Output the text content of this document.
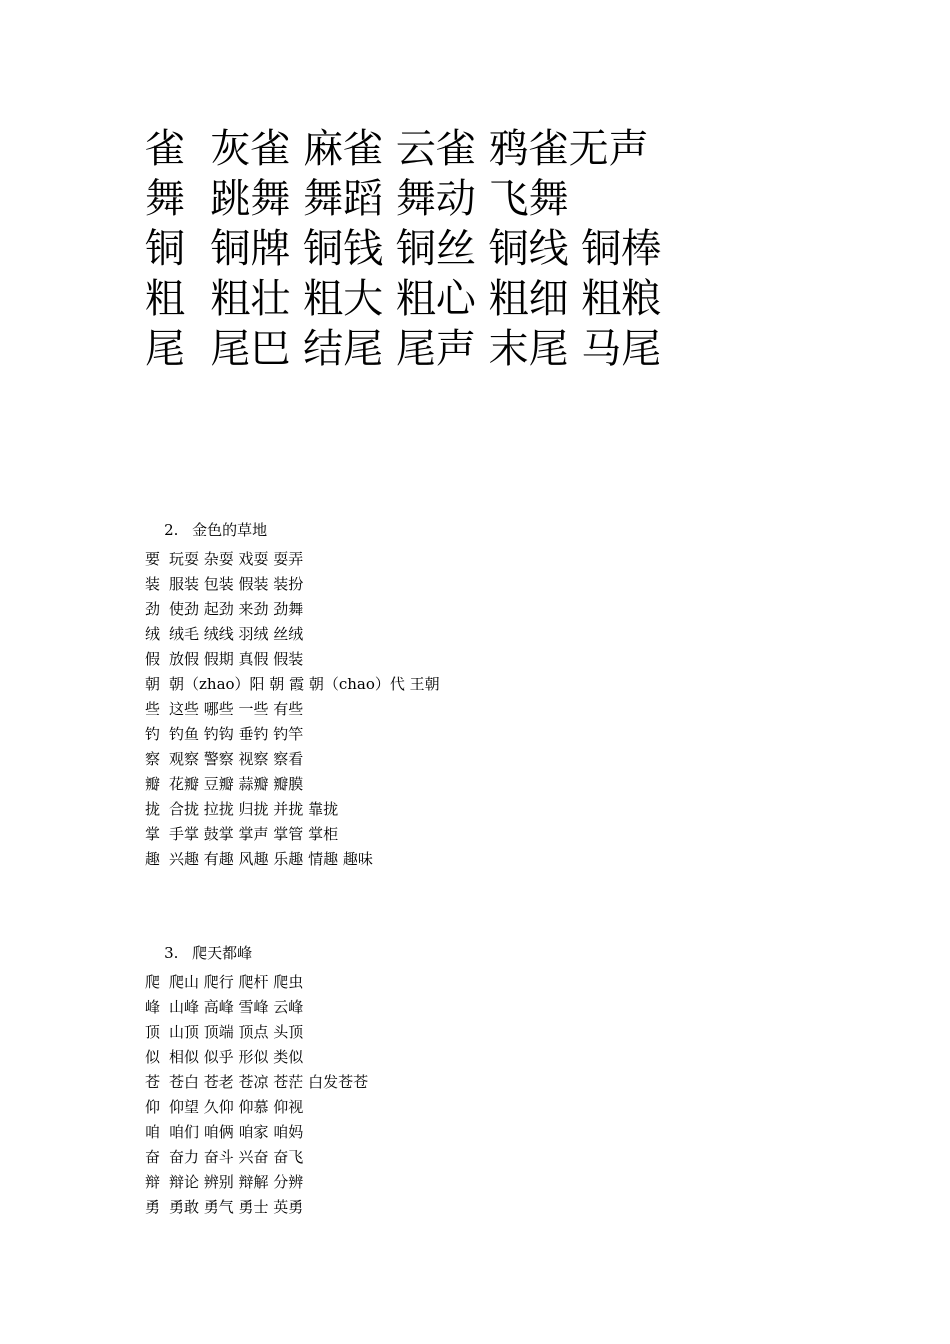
雀  灰雀 麻雀 云雀 鸦雀无声
舞  跳舞 舞蹈 舞动 飞舞
铜  铜牌 铜钱 铜丝 铜线 铜棒
粗  粗壮 粗大 粗心 粗细 粗粮
尾  尾巴 结尾 尾声 末尾 马尾

2. 金色的草地

要 玩耍 杂耍 戏耍 耍弄
装 服装 包装 假装 装扮
劲 使劲 起劲 来劲 劲舞
绒 绒毛 绒线 羽绒 丝绒
假 放假 假期 真假 假装
朝 朝（zhao）阳 朝 霞 朝（chao）代 王朝
些 这些 哪些 一些 有些
钓 钓鱼 钓钩 垂钓 钓竿
察 观察 警察 视察 察看
瓣 花瓣 豆瓣 蒜瓣 瓣膜
拢 合拢 拉拢 归拢 并拢 靠拢
掌 手掌 鼓掌 掌声 掌管 掌柜
趣 兴趣 有趣 风趣 乐趣 情趣 趣味

3. 爬天都峰

爬 爬山 爬行 爬杆 爬虫
峰 山峰 高峰 雪峰 云峰
顶 山顶 顶端 顶点 头顶
似 相似 似乎 形似 类似
苍 苍白 苍老 苍凉 苍茫 白发苍苍
仰 仰望 久仰 仰慕 仰视
咱 咱们 咱俩 咱家 咱妈
奋 奋力 奋斗 兴奋 奋飞
辩 辩论 辨别 辩解 分辨
勇 勇敢 勇气 勇士 英勇
